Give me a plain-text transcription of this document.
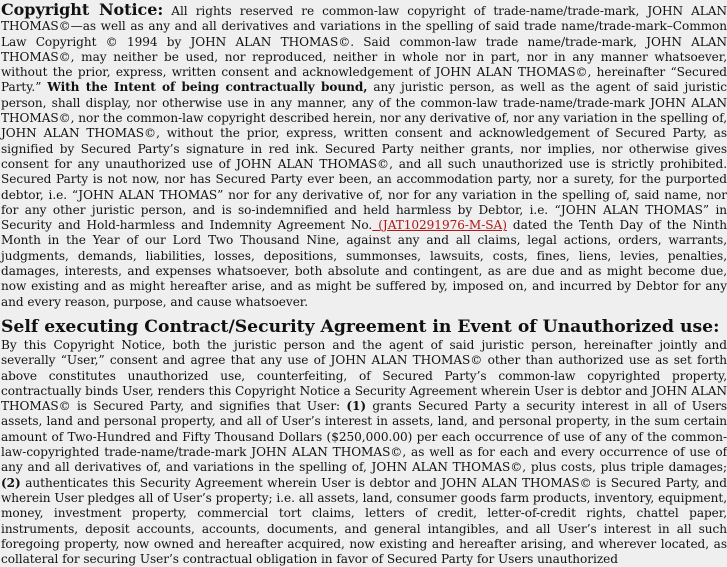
Copyright Notice: All rights reserved re common-law copyright of trade-name/trade-mark, JOHN ALAN THOMAS©—as well as any and all derivatives and variations in the spelling of said trade name/trade-mark–Common Law Copyright © 1994 by JOHN ALAN THOMAS©. Said common-law trade name/trade-mark, JOHN ALAN THOMAS©, may neither be used, nor reproduced, neither in whole nor in part, nor in any manner whatsoever, without the prior, express, written consent and acknowledgement of JOHN ALAN THOMAS©, hereinafter “Secured Party.” With the Intent of being contractually bound, any juristic person, as well as the agent of said juristic person, shall display, nor otherwise use in any manner, any of the common-law trade-name/trade-mark JOHN ALAN THOMAS©, nor the common-law copyright described herein, nor any derivative of, nor any variation in the spelling of, JOHN ALAN THOMAS©, without the prior, express, written consent and acknowledgement of Secured Party, as signified by Secured Party’s signature in red ink. Secured Party neither grants, nor implies, nor otherwise gives consent for any unauthorized use of JOHN ALAN THOMAS©, and all such unauthorized use is strictly prohibited. Secured Party is not now, nor has Secured Party ever been, an accommodation party, nor a surety, for the purported debtor, i.e. “JOHN ALAN THOMAS” nor for any derivative of, nor for any variation in the spelling of, said name, nor for any other juristic person, and is so-indemnified and held harmless by Debtor, i.e. “JOHN ALAN THOMAS” in Security and Hold-harmless and Indemnity Agreement No. (JAT10291976-M-SA) dated the Tenth Day of the Ninth Month in the Year of our Lord Two Thousand Nine, against any and all claims, legal actions, orders, warrants, judgments, demands, liabilities, losses, depositions, summonses, lawsuits, costs, fines, liens, levies, penalties, damages, interests, and expenses whatsoever, both absolute and contingent, as are due and as might become due, now existing and as might hereafter arise, and as might be suffered by, imposed on, and incurred by Debtor for any and every reason, purpose, and cause whatsoever.

Self executing Contract/Security Agreement in Event of Unauthorized use:

By this Copyright Notice, both the juristic person and the agent of said juristic person, hereinafter jointly and severally “User,” consent and agree that any use of JOHN ALAN THOMAS© other than authorized use as set forth above constitutes unauthorized use, counterfeiting, of Secured Party’s common-law copyrighted property, contractually binds User, renders this Copyright Notice a Security Agreement wherein User is debtor and JOHN ALAN THOMAS© is Secured Party, and signifies that User: (1) grants Secured Party a security interest in all of Users assets, land and personal property, and all of User’s interest in assets, land, and personal property, in the sum certain amount of Two-Hundred and Fifty Thousand Dollars ($250,000.00) per each occurrence of use of any of the common-law-copyrighted trade-name/trade-mark JOHN ALAN THOMAS©, as well as for each and every occurrence of use of any and all derivatives of, and variations in the spelling of, JOHN ALAN THOMAS©, plus costs, plus triple damages; (2) authenticates this Security Agreement wherein User is debtor and JOHN ALAN THOMAS© is Secured Party, and wherein User pledges all of User’s property; i.e. all assets, land, consumer goods farm products, inventory, equipment, money, investment property, commercial tort claims, letters of credit, letter-of-credit rights, chattel paper, instruments, deposit accounts, accounts, documents, and general intangibles, and all User’s interest in all such foregoing property, now owned and hereafter acquired, now existing and hereafter arising, and wherever located, as collateral for securing User’s contractual obligation in favor of Secured Party for Users unauthorized
